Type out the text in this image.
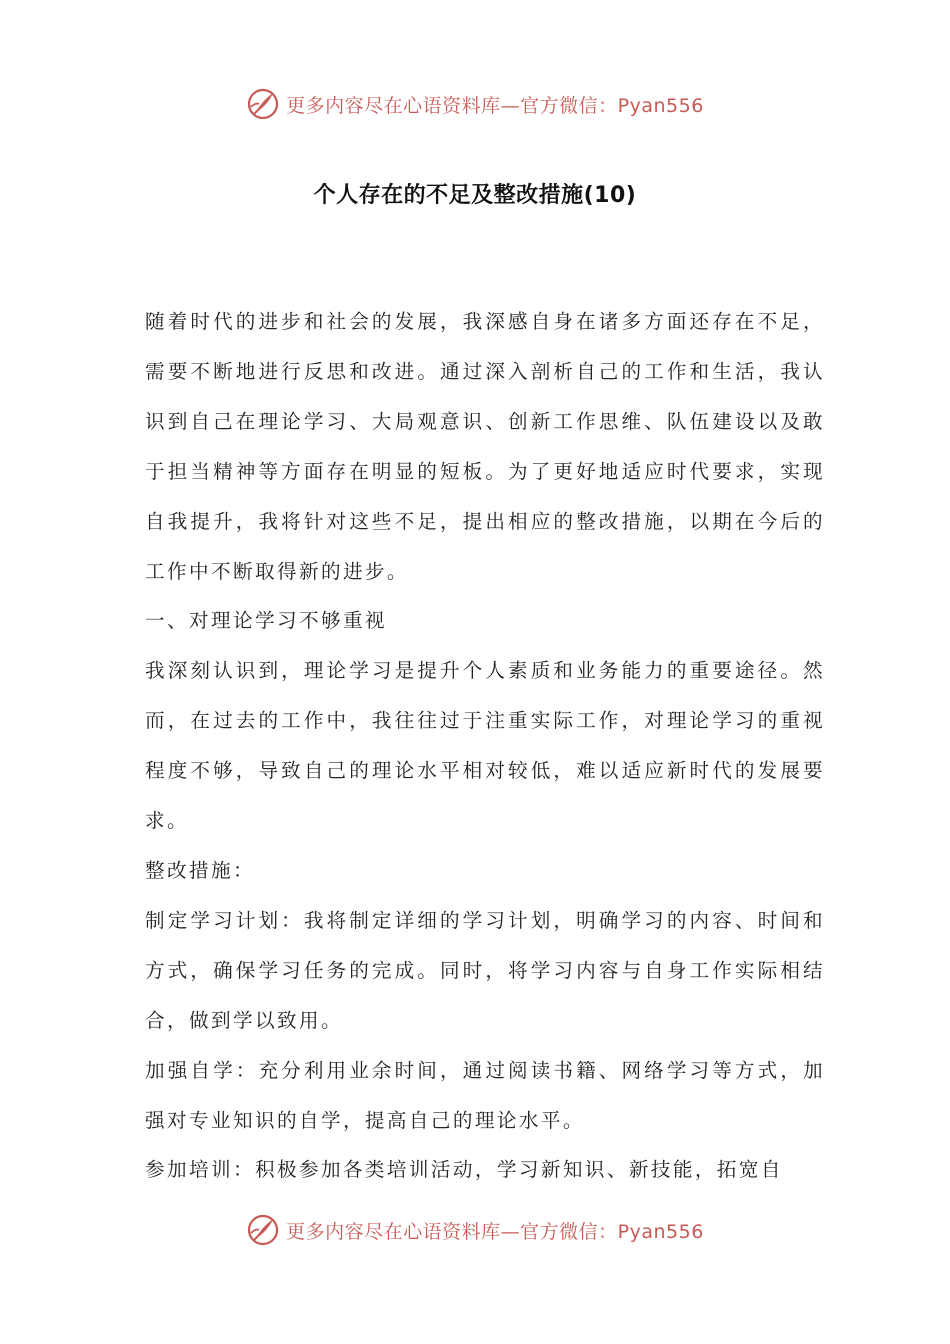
更多内容尽在心语资料库—官方微信：Pyan556
个人存在的不足及整改措施(10)

随着时代的进步和社会的发展，我深感自身在诸多方面还存在不足，需要不断地进行反思和改进。通过深入剖析自己的工作和生活，我认识到自己在理论学习、大局观意识、创新工作思维、队伍建设以及敢于担当精神等方面存在明显的短板。为了更好地适应时代要求，实现自我提升，我将针对这些不足，提出相应的整改措施，以期在今后的工作中不断取得新的进步。

一、对理论学习不够重视

我深刻认识到，理论学习是提升个人素质和业务能力的重要途径。然而，在过去的工作中，我往往过于注重实际工作，对理论学习的重视程度不够，导致自己的理论水平相对较低，难以适应新时代的发展要求。

整改措施：

制定学习计划：我将制定详细的学习计划，明确学习的内容、时间和方式，确保学习任务的完成。同时，将学习内容与自身工作实际相结合，做到学以致用。

加强自学：充分利用业余时间，通过阅读书籍、网络学习等方式，加强对专业知识的自学，提高自己的理论水平。

参加培训：积极参加各类培训活动，学习新知识、新技能，拓宽自

更多内容尽在心语资料库—官方微信：Pyan556
